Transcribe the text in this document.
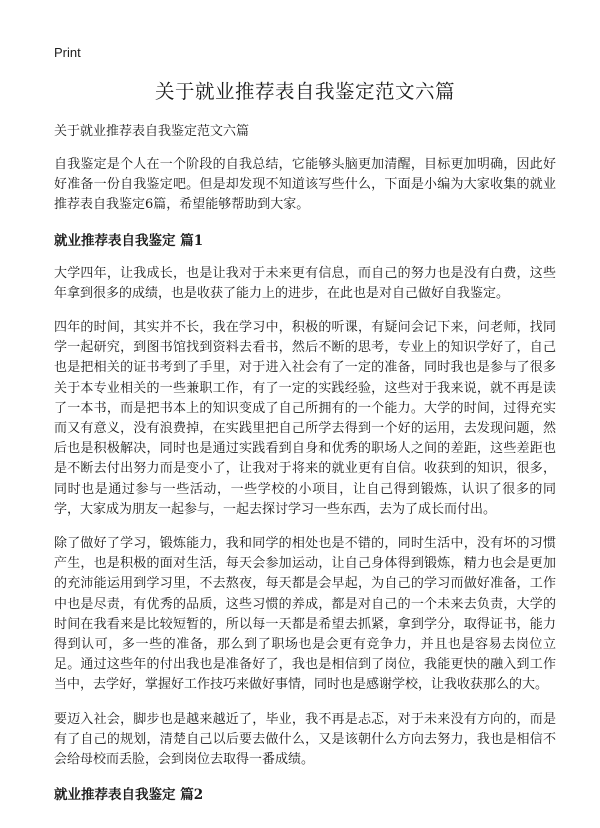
Print
关于就业推荐表自我鉴定范文六篇

关于就业推荐表自我鉴定范文六篇

自我鉴定是个人在一个阶段的自我总结，它能够头脑更加清醒，目标更加明确，因此好好准备一份自我鉴定吧。但是却发现不知道该写些什么，下面是小编为大家收集的就业推荐表自我鉴定6篇，希望能够帮助到大家。

就业推荐表自我鉴定 篇1

大学四年，让我成长，也是让我对于未来更有信息，而自己的努力也是没有白费，这些年拿到很多的成绩，也是收获了能力上的进步，在此也是对自己做好自我鉴定。

四年的时间，其实并不长，我在学习中，积极的听课，有疑问会记下来，问老师，找同学一起研究，到图书馆找到资料去看书，然后不断的思考，专业上的知识学好了，自己也是把相关的证书考到了手里，对于进入社会有了一定的准备，同时我也是参与了很多关于本专业相关的一些兼职工作，有了一定的实践经验，这些对于我来说，就不再是读了一本书，而是把书本上的知识变成了自己所拥有的一个能力。大学的时间，过得充实而又有意义，没有浪费掉，在实践里把自己所学去得到一个好的运用，去发现问题，然后也是积极解决，同时也是通过实践看到自身和优秀的职场人之间的差距，这些差距也是不断去付出努力而是变小了，让我对于将来的就业更有自信。收获到的知识，很多，同时也是通过参与一些活动，一些学校的小项目，让自己得到锻炼，认识了很多的同学，大家成为朋友一起参与，一起去探讨学习一些东西，去为了成长而付出。

除了做好了学习，锻炼能力，我和同学的相处也是不错的，同时生活中，没有坏的习惯产生，也是积极的面对生活，每天会参加运动，让自己身体得到锻炼，精力也会是更加的充沛能运用到学习里，不去熬夜，每天都是会早起，为自己的学习而做好准备，工作中也是尽责，有优秀的品质，这些习惯的养成，都是对自己的一个未来去负责，大学的时间在我看来是比较短暂的，所以每一天都是希望去抓紧，拿到学分，取得证书，能力得到认可，多一些的准备，那么到了职场也是会更有竞争力，并且也是容易去岗位立足。通过这些年的付出我也是准备好了，我也是相信到了岗位，我能更快的融入到工作当中，去学好，掌握好工作技巧来做好事情，同时也是感谢学校，让我收获那么的大。

要迈入社会，脚步也是越来越近了，毕业，我不再是忐忑，对于未来没有方向的，而是有了自己的规划，清楚自己以后要去做什么，又是该朝什么方向去努力，我也是相信不会给母校而丢脸，会到岗位去取得一番成绩。

就业推荐表自我鉴定 篇2
